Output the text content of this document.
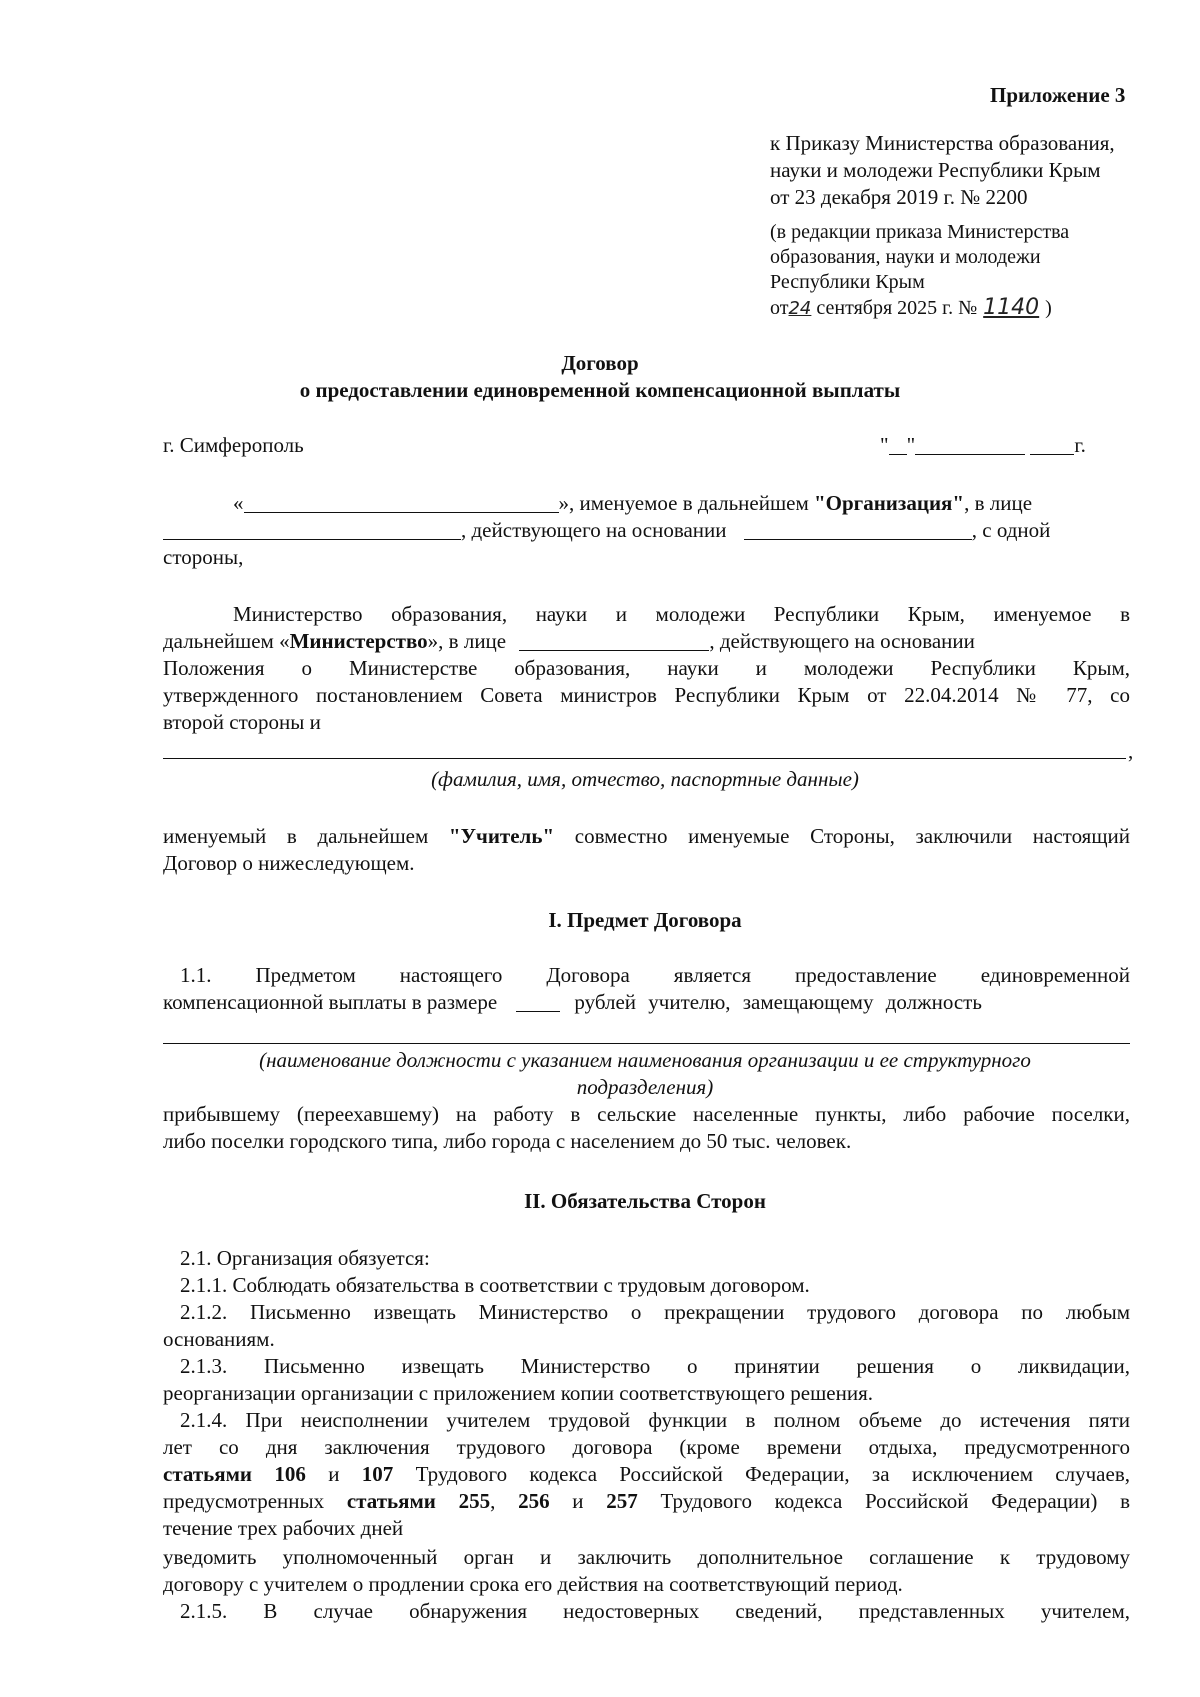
Приложение 3
к Приказу Министерства образования,
науки и молодежи Республики Крым
от 23 декабря 2019 г. № 2200
(в редакции приказа Министерства
образования, науки и молодежи
Республики Крым
от24 сентября 2025 г. № 1140 )
Договор
о предоставлении единовременной компенсационной выплаты
г. Симферополь	" "	г.
«	», именуемое в дальнейшем "Организация", в лице
, действующего на основании	, с одной
стороны,
Министерство образования, науки и молодежи Республики Крым, именуемое в
дальнейшем «Министерство», в лице	, действующего на основании
Положения о Министерстве образования, науки и молодежи Республики Крым,
утвержденного постановлением Совета министров Республики Крым от 22.04.2014 № 77, со
второй стороны и
,
(фамилия, имя, отчество, паспортные данные)
именуемый в дальнейшем "Учитель" совместно именуемые Стороны, заключили настоящий
Договор о нижеследующем.
I. Предмет Договора
1.1. Предметом настоящего Договора является предоставление единовременной
компенсационной выплаты в размере	рублей учителю, замещающему должность
(наименование должности с указанием наименования организации и ее структурного
подразделения)
прибывшему (переехавшему) на работу в сельские населенные пункты, либо рабочие поселки,
либо поселки городского типа, либо города с населением до 50 тыс. человек.
II. Обязательства Сторон
2.1. Организация обязуется:
2.1.1. Соблюдать обязательства в соответствии с трудовым договором.
2.1.2. Письменно извещать Министерство о прекращении трудового договора по любым
основаниям.
2.1.3. Письменно извещать Министерство о принятии решения о ликвидации,
реорганизации организации с приложением копии соответствующего решения.
2.1.4. При неисполнении учителем трудовой функции в полном объеме до истечения пяти
лет со дня заключения трудового договора (кроме времени отдыха, предусмотренного
статьями 106 и 107 Трудового кодекса Российской Федерации, за исключением случаев,
предусмотренных статьями 255, 256 и 257 Трудового кодекса Российской Федерации) в
течение трех рабочих дней
уведомить уполномоченный орган и заключить дополнительное соглашение к трудовому
договору с учителем о продлении срока его действия на соответствующий период.
2.1.5. В случае обнаружения недостоверных сведений, представленных учителем,
